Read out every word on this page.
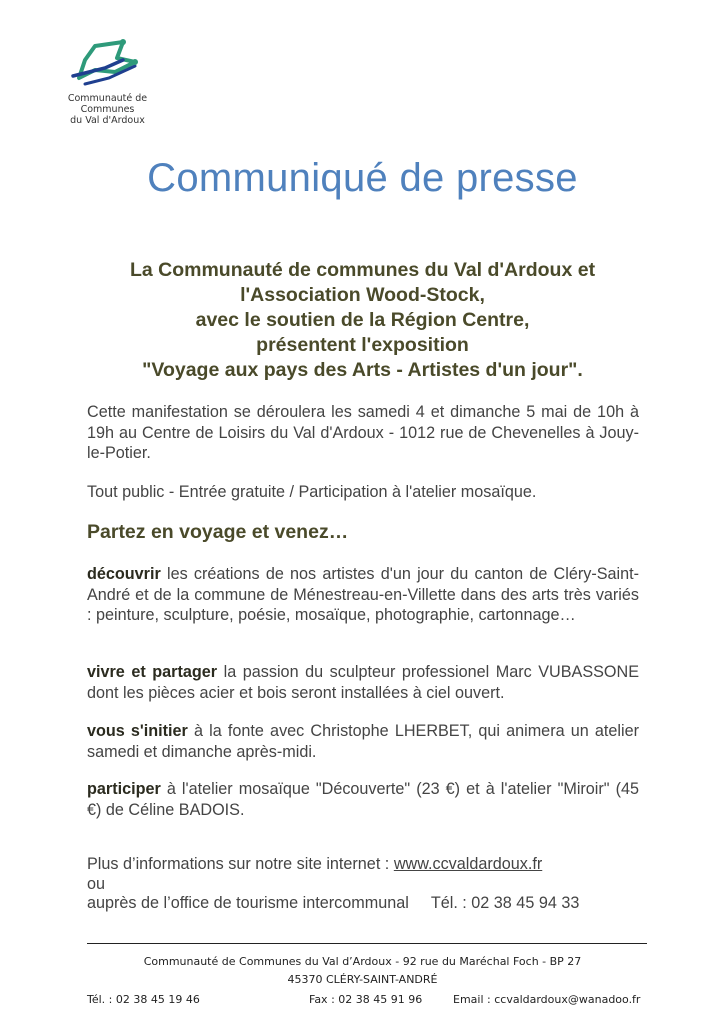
Communauté de Communes
du Val d'Ardoux
Communiqué de presse
La Communauté de communes du Val d'Ardoux et
l'Association Wood-Stock,
avec le soutien de la Région Centre,
présentent l'exposition
"Voyage aux pays des Arts - Artistes d'un jour".
Cette manifestation se déroulera les samedi 4 et dimanche 5 mai de 10h à 19h au Centre de Loisirs du Val d'Ardoux - 1012 rue de Chevenelles à Jouy-le-Potier.
Tout public - Entrée gratuite / Participation à l'atelier mosaïque.
Partez en voyage et venez…
découvrir les créations de nos artistes d'un jour du canton de Cléry-Saint-André et de la commune de Ménestreau-en-Villette dans des arts très variés : peinture, sculpture, poésie, mosaïque, photographie, cartonnage…
vivre et partager la passion du sculpteur professionel Marc VUBASSONE dont les pièces acier et bois seront installées à ciel ouvert.
vous s'initier à la fonte avec Christophe LHERBET, qui animera un atelier samedi et dimanche après-midi.
participer à l'atelier mosaïque "Découverte" (23 €) et à l'atelier "Miroir" (45 €) de Céline BADOIS.
Plus d’informations sur notre site internet : www.ccvaldardoux.fr
ou
auprès de l’office de tourisme intercommunal Tél. : 02 38 45 94 33
Communauté de Communes du Val d’Ardoux - 92 rue du Maréchal Foch - BP 27
45370 CLÉRY-SAINT-ANDRÉ
Tél. : 02 38 45 19 46	Fax : 02 38 45 91 96	Email : ccvaldardoux@wanadoo.fr
